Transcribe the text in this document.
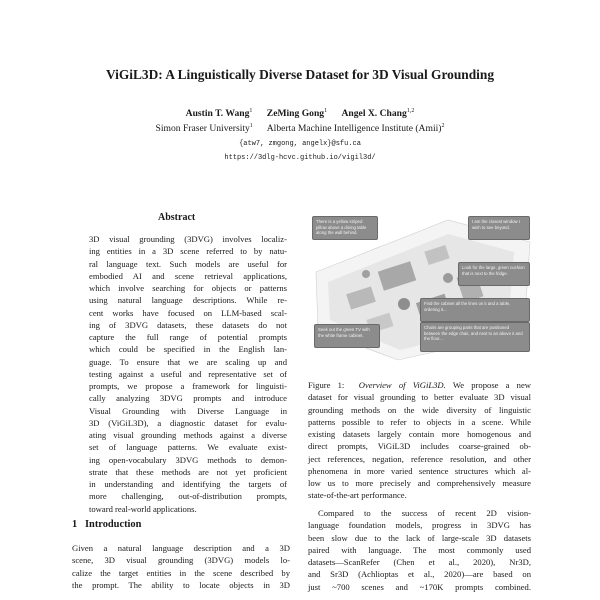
ViGiL3D: A Linguistically Diverse Dataset for 3D Visual Grounding
Austin T. Wang$^1$ ZeMing Gong$^1$ Angel X. Chang$^{1,2}$
Simon Fraser University$^1$ Alberta Machine Intelligence Institute (Amii)$^2$
{atw7, zmgong, angelx}@sfu.ca
https://3dlg-hcvc.github.io/vigil3d/
Abstract
3D visual grounding (3DVG) involves localiz-
ing entities in a 3D scene referred to by natu-
ral language text. Such models are useful for
embodied AI and scene retrieval applications,
which involve searching for objects or patterns
using natural language descriptions. While re-
cent works have focused on LLM-based scal-
ing of 3DVG datasets, these datasets do not
capture the full range of potential prompts
which could be specified in the English lan-
guage. To ensure that we are scaling up and
testing against a useful and representative set of
prompts, we propose a framework for linguisti-
cally analyzing 3DVG prompts and introduce
Visual Grounding with Diverse Language in
3D (ViGiL3D), a diagnostic dataset for evalu-
ating visual grounding methods against a diverse
set of language patterns. We evaluate exist-
ing open-vocabulary 3DVG methods to demon-
strate that these methods are not yet proficient
in understanding and identifying the targets of
more challenging, out-of-distribution prompts,
toward real-world applications.
1 Introduction
Given a natural language description and a 3D
scene, 3D visual grounding (3DVG) models lo-
calize the target entities in the scene described by
the prompt. The ability to locate objects in 3D
There is a yellow striped pillow above a dining table along the wall behind.
I am the closest window I wish to see beyond.
Look for the large, green cushion that is next to the fridge.
Seek out the green TV with the white frame cabinet.
Find the cabinet all the lines on it and a table, ordering it...
Chairs are grouping parts that are positioned between the edge chair, and next to an above it and the floor...
Figure 1: Overview of ViGiL3D. We propose a new
dataset for visual grounding to better evaluate 3D visual
grounding methods on the wide diversity of linguistic
patterns possible to refer to objects in a scene. While
existing datasets largely contain more homogenous and
direct prompts, ViGiL3D includes coarse-grained ob-
ject references, negation, reference resolution, and other
phenomena in more varied sentence structures which al-
low us to more precisely and comprehensively measure
state-of-the-art performance.
Compared to the success of recent 2D vision-
language foundation models, progress in 3DVG has
been slow due to the lack of large-scale 3D datasets
paired with language. The most commonly used
datasets—ScanRefer (Chen et al., 2020), Nr3D,
and Sr3D (Achlioptas et al., 2020)—are based on
just ~700 scenes and ~170K prompts combined.
